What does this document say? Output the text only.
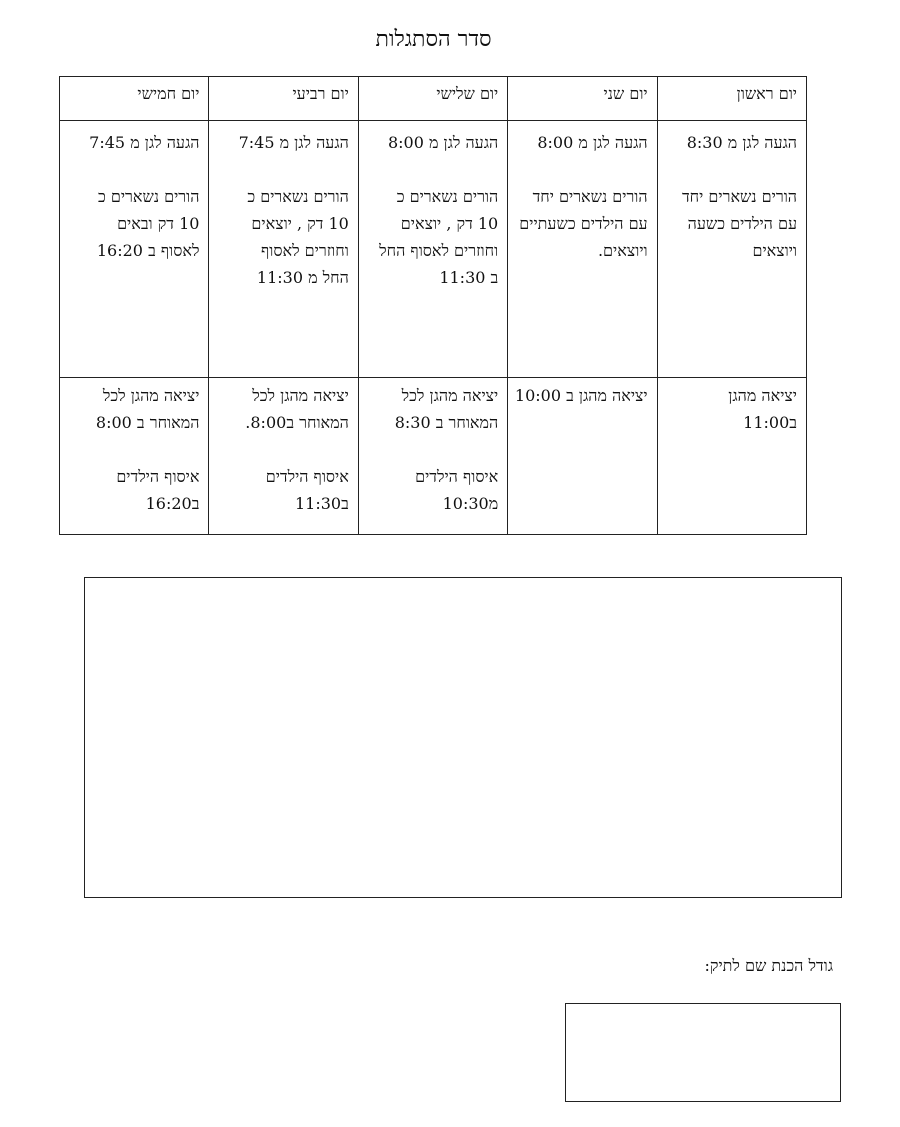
סדר הסתגלות
יום ראשון	יום שני	יום שלישי	יום רביעי	יום חמישי

הגעה לגן מ 8:30
הורים נשארים יחד
עם הילדים כשעה
ויוצאים	הגעה לגן מ 8:00
הורים נשארים יחד
עם הילדים כשעתיים
ויוצאים.	הגעה לגן מ 8:00
הורים נשארים כ
10 דק , יוצאים
וחוזרים לאסוף החל
ב 11:30	הגעה לגן מ 7:45
הורים נשארים כ
10 דק , יוצאים
וחוזרים לאסוף
החל מ 11:30	הגעה לגן מ 7:45
הורים נשארים כ
10 דק ובאים
לאסוף ב 16:20

יציאה מהגן
ב11:00	יציאה מהגן ב 10:00	יציאה מהגן לכל
המאוחר ב 8:30
איסוף הילדים
מ10:30	יציאה מהגן לכל
המאוחר ב8:00.
איסוף הילדים
ב11:30	יציאה מהגן לכל
המאוחר ב 8:00
איסוף הילדים
ב16:20
גודל הכנת שם לתיק:
